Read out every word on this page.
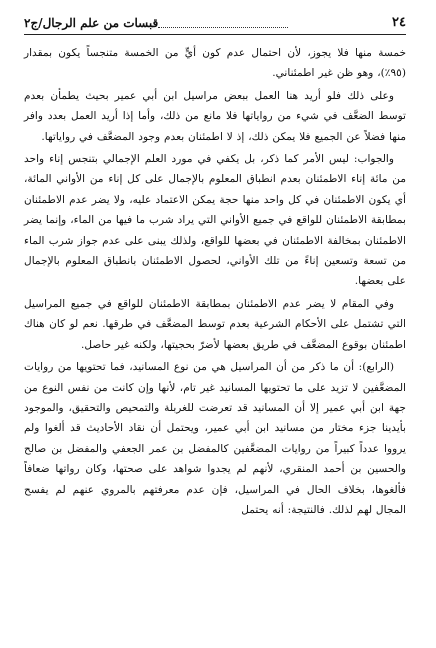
٢٤
قبسات من علم الرجال/ج٢

خمسة منها فلا يجوز، لأن احتمال عدم كون أيٍّ من الخمسة متنجساً يكون بمقدار (٩٥٪)، وهو ظن غير اطمئناني.

وعلى ذلك فلو أريد هنا العمل ببعض مراسيل ابن أبي عمير بحيث يطمأن بعدم توسط الضعَّف في شيء من رواياتها فلا مانع من ذلك، وأما إذا أريد العمل بعدد وافر منها فضلاً عن الجميع فلا يمكن ذلك، إذ لا اطمئنان بعدم وجود المضعَّف في رواياتها.

والجواب: ليس الأمر كما ذكر، بل يكفي في مورد العلم الإجمالي بتنجس إناء واحد من مائة إناء الاطمئنان بعدم انطباق المعلوم بالإجمال على كل إناء من الأواني المائة، أي يكون الاطمئنان في كل واحد منها حجة يمكن الاعتماد عليه، ولا يضر عدم الاطمئنان بمطابقة الاطمئنان للواقع في جميع الأواني التي يراد شرب ما فيها من الماء، وإنما يضر الاطمئنان بمخالفة الاطمئنان في بعضها للواقع، ولذلك يبنى على عدم جواز شرب الماء من تسعة وتسعين إناءً من تلك الأواني، لحصول الاطمئنان بانطباق المعلوم بالإجمال على بعضها.

وفي المقام لا يضر عدم الاطمئنان بمطابقة الاطمئنان للواقع في جميع المراسيل التي تشتمل على الأحكام الشرعية بعدم توسط المضعَّف في طرقها. نعم لو كان هناك اطمئنان بوقوع المضعَّف في طريق بعضها لأضرّ بحجيتها، ولكنه غير حاصل.

(الرابع): أن ما ذكر من أن المراسيل هي من نوع المسانيد، فما تحتويها من روايات المضعَّفين لا تزيد على ما تحتويها المسانيد غير تام، لأنها وإن كانت من نفس النوع من جهة ابن أبي عمير إلا أن المسانيد قد تعرضت للغربلة والتمحيص والتحقيق، والموجود بأيدينا جزء مختار من مسانيد ابن أبي عمير، ويحتمل أن نقاد الأحاديث قد ألغوا ولم يرووا عدداً كبيراً من روايات المضعَّفين كالمفضل بن عمر الجعفي والمفضل بن صالح والحسين بن أحمد المنقري، لأنهم لم يجدوا شواهد على صحتها، وكان رواتها ضعافاً فألغوها، بخلاف الحال في المراسيل، فإن عدم معرفتهم بالمروي عنهم لم يفسح المجال لهم لذلك. فالنتيجة: أنه يحتمل
